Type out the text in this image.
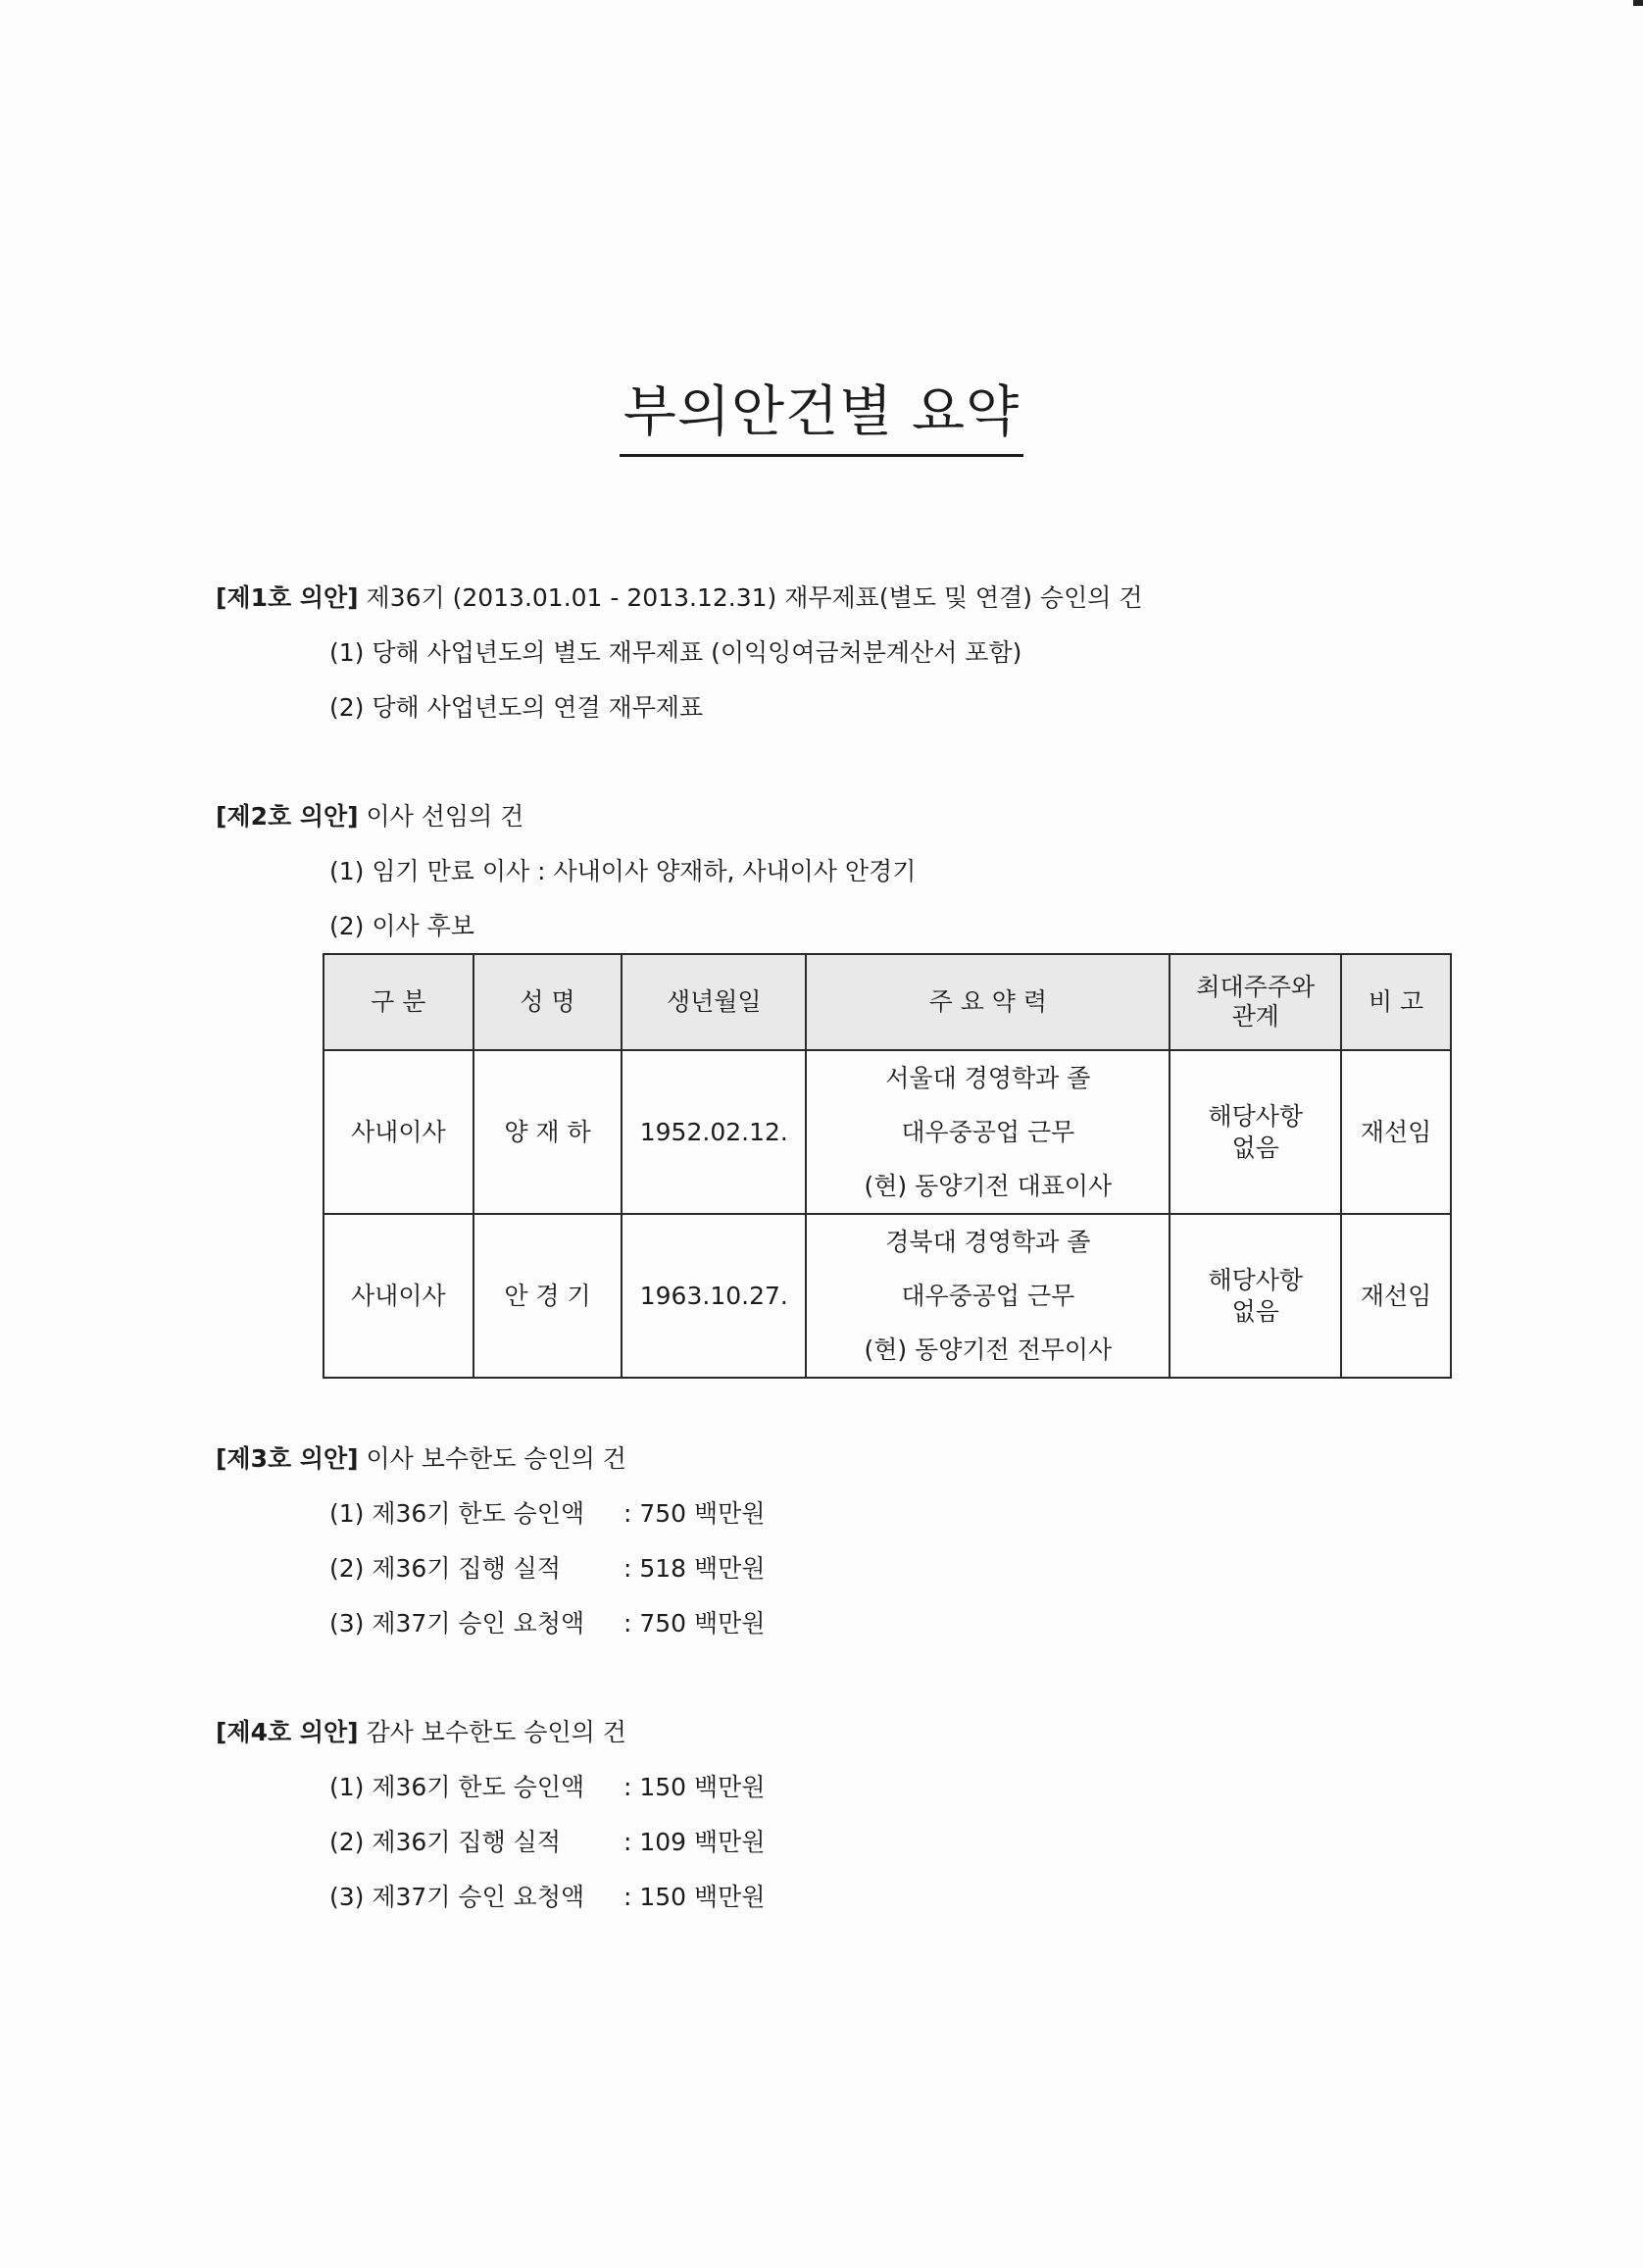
부의안건별 요약
[제1호 의안] 제36기 (2013.01.01 - 2013.12.31) 재무제표(별도 및 연결) 승인의 건
(1) 당해 사업년도의 별도 재무제표 (이익잉여금처분계산서 포함)
(2) 당해 사업년도의 연결 재무제표
[제2호 의안] 이사 선임의 건
(1) 임기 만료 이사 : 사내이사 양재하, 사내이사 안경기
(2) 이사 후보
구 분	성 명	생년월일	주 요 약 력	최대주주와 관계	비 고
사내이사	양 재 하	1952.02.12.	서울대 경영학과 졸
대우중공업 근무
(현) 동양기전 대표이사	해당사항 없음	재선임
사내이사	안 경 기	1963.10.27.	경북대 경영학과 졸
대우중공업 근무
(현) 동양기전 전무이사	해당사항 없음	재선임
[제3호 의안] 이사 보수한도 승인의 건
(1) 제36기 한도 승인액 : 750 백만원
(2) 제36기 집행 실적	: 518 백만원
(3) 제37기 승인 요청액 : 750 백만원
[제4호 의안] 감사 보수한도 승인의 건
(1) 제36기 한도 승인액 : 150 백만원
(2) 제36기 집행 실적	: 109 백만원
(3) 제37기 승인 요청액 : 150 백만원
